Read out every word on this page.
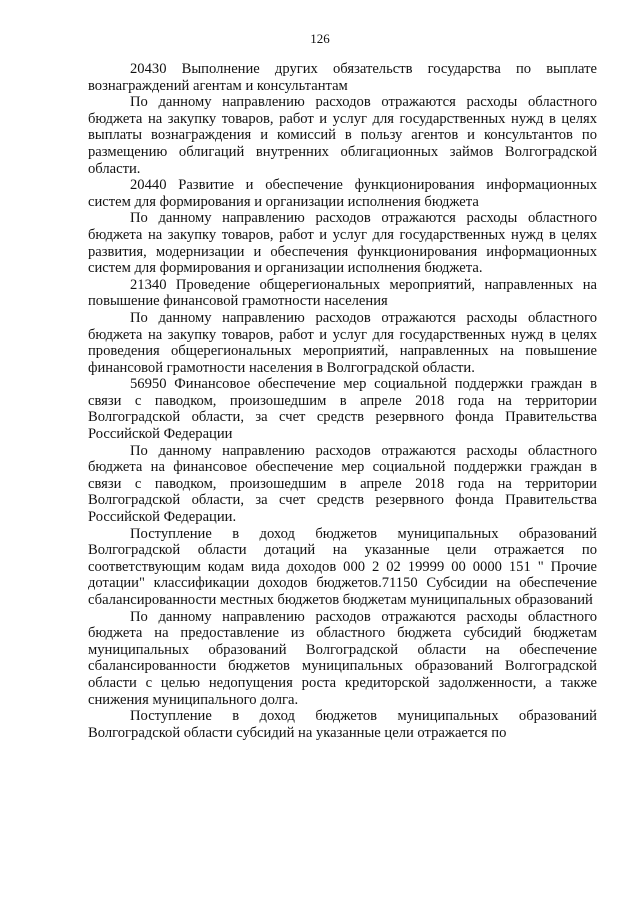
126

20430 Выполнение других обязательств государства по выплате вознаграждений агентам и консультантам

По данному направлению расходов отражаются расходы областного бюджета на закупку товаров, работ и услуг для государственных нужд в целях выплаты вознаграждения и комиссий в пользу агентов и консультантов по размещению облигаций внутренних облигационных займов Волгоградской области.

20440 Развитие и обеспечение функционирования информационных систем для формирования и организации исполнения бюджета

По данному направлению расходов отражаются расходы областного бюджета на закупку товаров, работ и услуг для государственных нужд в целях развития, модернизации и обеспечения функционирования информационных систем для формирования и организации исполнения бюджета.

21340 Проведение общерегиональных мероприятий, направленных на повышение финансовой грамотности населения

По данному направлению расходов отражаются расходы областного бюджета на закупку товаров, работ и услуг для государственных нужд в целях проведения общерегиональных мероприятий, направленных на повышение финансовой грамотности населения в Волгоградской области.

56950 Финансовое обеспечение мер социальной поддержки граждан в связи с паводком, произошедшим в апреле 2018 года на территории Волгоградской области, за счет средств резервного фонда Правительства Российской Федерации

По данному направлению расходов отражаются расходы областного бюджета на финансовое обеспечение мер социальной поддержки граждан в связи с паводком, произошедшим в апреле 2018 года на территории Волгоградской области, за счет средств резервного фонда Правительства Российской Федерации.

Поступление в доход бюджетов муниципальных образований Волгоградской области дотаций на указанные цели отражается по соответствующим кодам вида доходов 000 2 02 19999 00 0000 151 " Прочие дотации" классификации доходов бюджетов.71150 Субсидии на обеспечение сбалансированности местных бюджетов бюджетам муниципальных образований

По данному направлению расходов отражаются расходы областного бюджета на предоставление из областного бюджета субсидий бюджетам муниципальных образований Волгоградской области на обеспечение сбалансированности бюджетов муниципальных образований Волгоградской области с целью недопущения роста кредиторской задолженности, а также снижения муниципального долга.

Поступление в доход бюджетов муниципальных образований Волгоградской области субсидий на указанные цели отражается по
